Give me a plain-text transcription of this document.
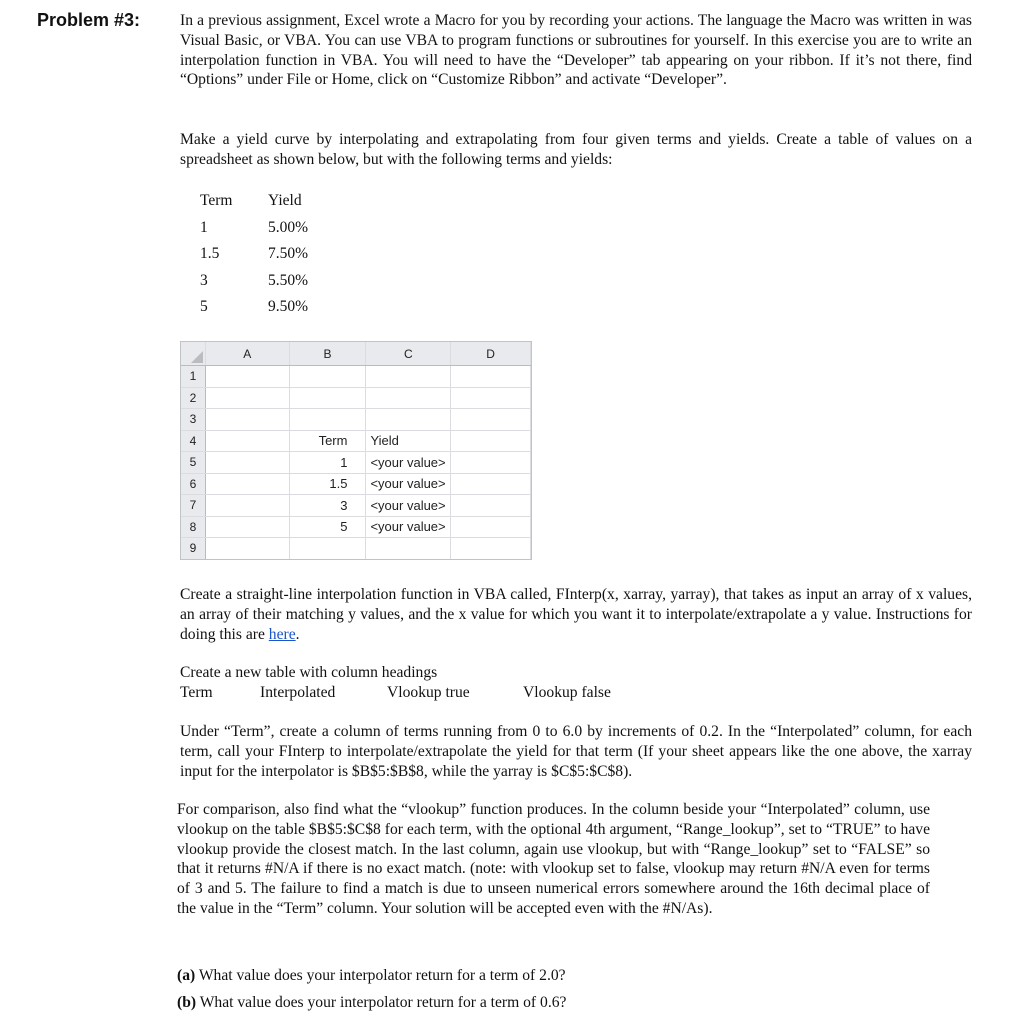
Problem #3:	In a previous assignment, Excel wrote a Macro for you by recording your actions. The language the Macro was written in was Visual Basic, or VBA. You can use VBA to program functions or subroutines for yourself. In this exercise you are to write an interpolation function in VBA. You will need to have the “Developer” tab appearing on your ribbon. If it’s not there, find “Options” under File or Home, click on “Customize Ribbon” and activate “Developer”.
Make a yield curve by interpolating and extrapolating from four given terms and yields. Create a table of values on a spreadsheet as shown below, but with the following terms and yields:
Term	Yield
1	5.00%
1.5	7.50%
3	5.50%
5	9.50%
	A	B	C	D
1				
2				
3				
4		Term	Yield	
5		1	<your value>	
6		1.5	<your value>	
7		3	<your value>	
8		5	<your value>	
9				
Create a straight-line interpolation function in VBA called, FInterp(x, xarray, yarray), that takes as input an array of x values, an array of their matching y values, and the x value for which you want it to interpolate/extrapolate a y value. Instructions for doing this are here.
Create a new table with column headings
Term	Interpolated	Vlookup true	Vlookup false
Under “Term”, create a column of terms running from 0 to 6.0 by increments of 0.2. In the “Interpolated” column, for each term, call your FInterp to interpolate/extrapolate the yield for that term (If your sheet appears like the one above, the xarray input for the interpolator is $B$5:$B$8, while the yarray is $C$5:$C$8).
For comparison, also find what the “vlookup” function produces. In the column beside your “Interpolated” column, use vlookup on the table $B$5:$C$8 for each term, with the optional 4th argument, “Range_lookup”, set to “TRUE” to have vlookup provide the closest match. In the last column, again use vlookup, but with “Range_lookup” set to “FALSE” so that it returns #N/A if there is no exact match. (note: with vlookup set to false, vlookup may return #N/A even for terms of 3 and 5. The failure to find a match is due to unseen numerical errors somewhere around the 16th decimal place of the value in the “Term” column. Your solution will be accepted even with the #N/As).
(a) What value does your interpolator return for a term of 2.0?
(b) What value does your interpolator return for a term of 0.6?
